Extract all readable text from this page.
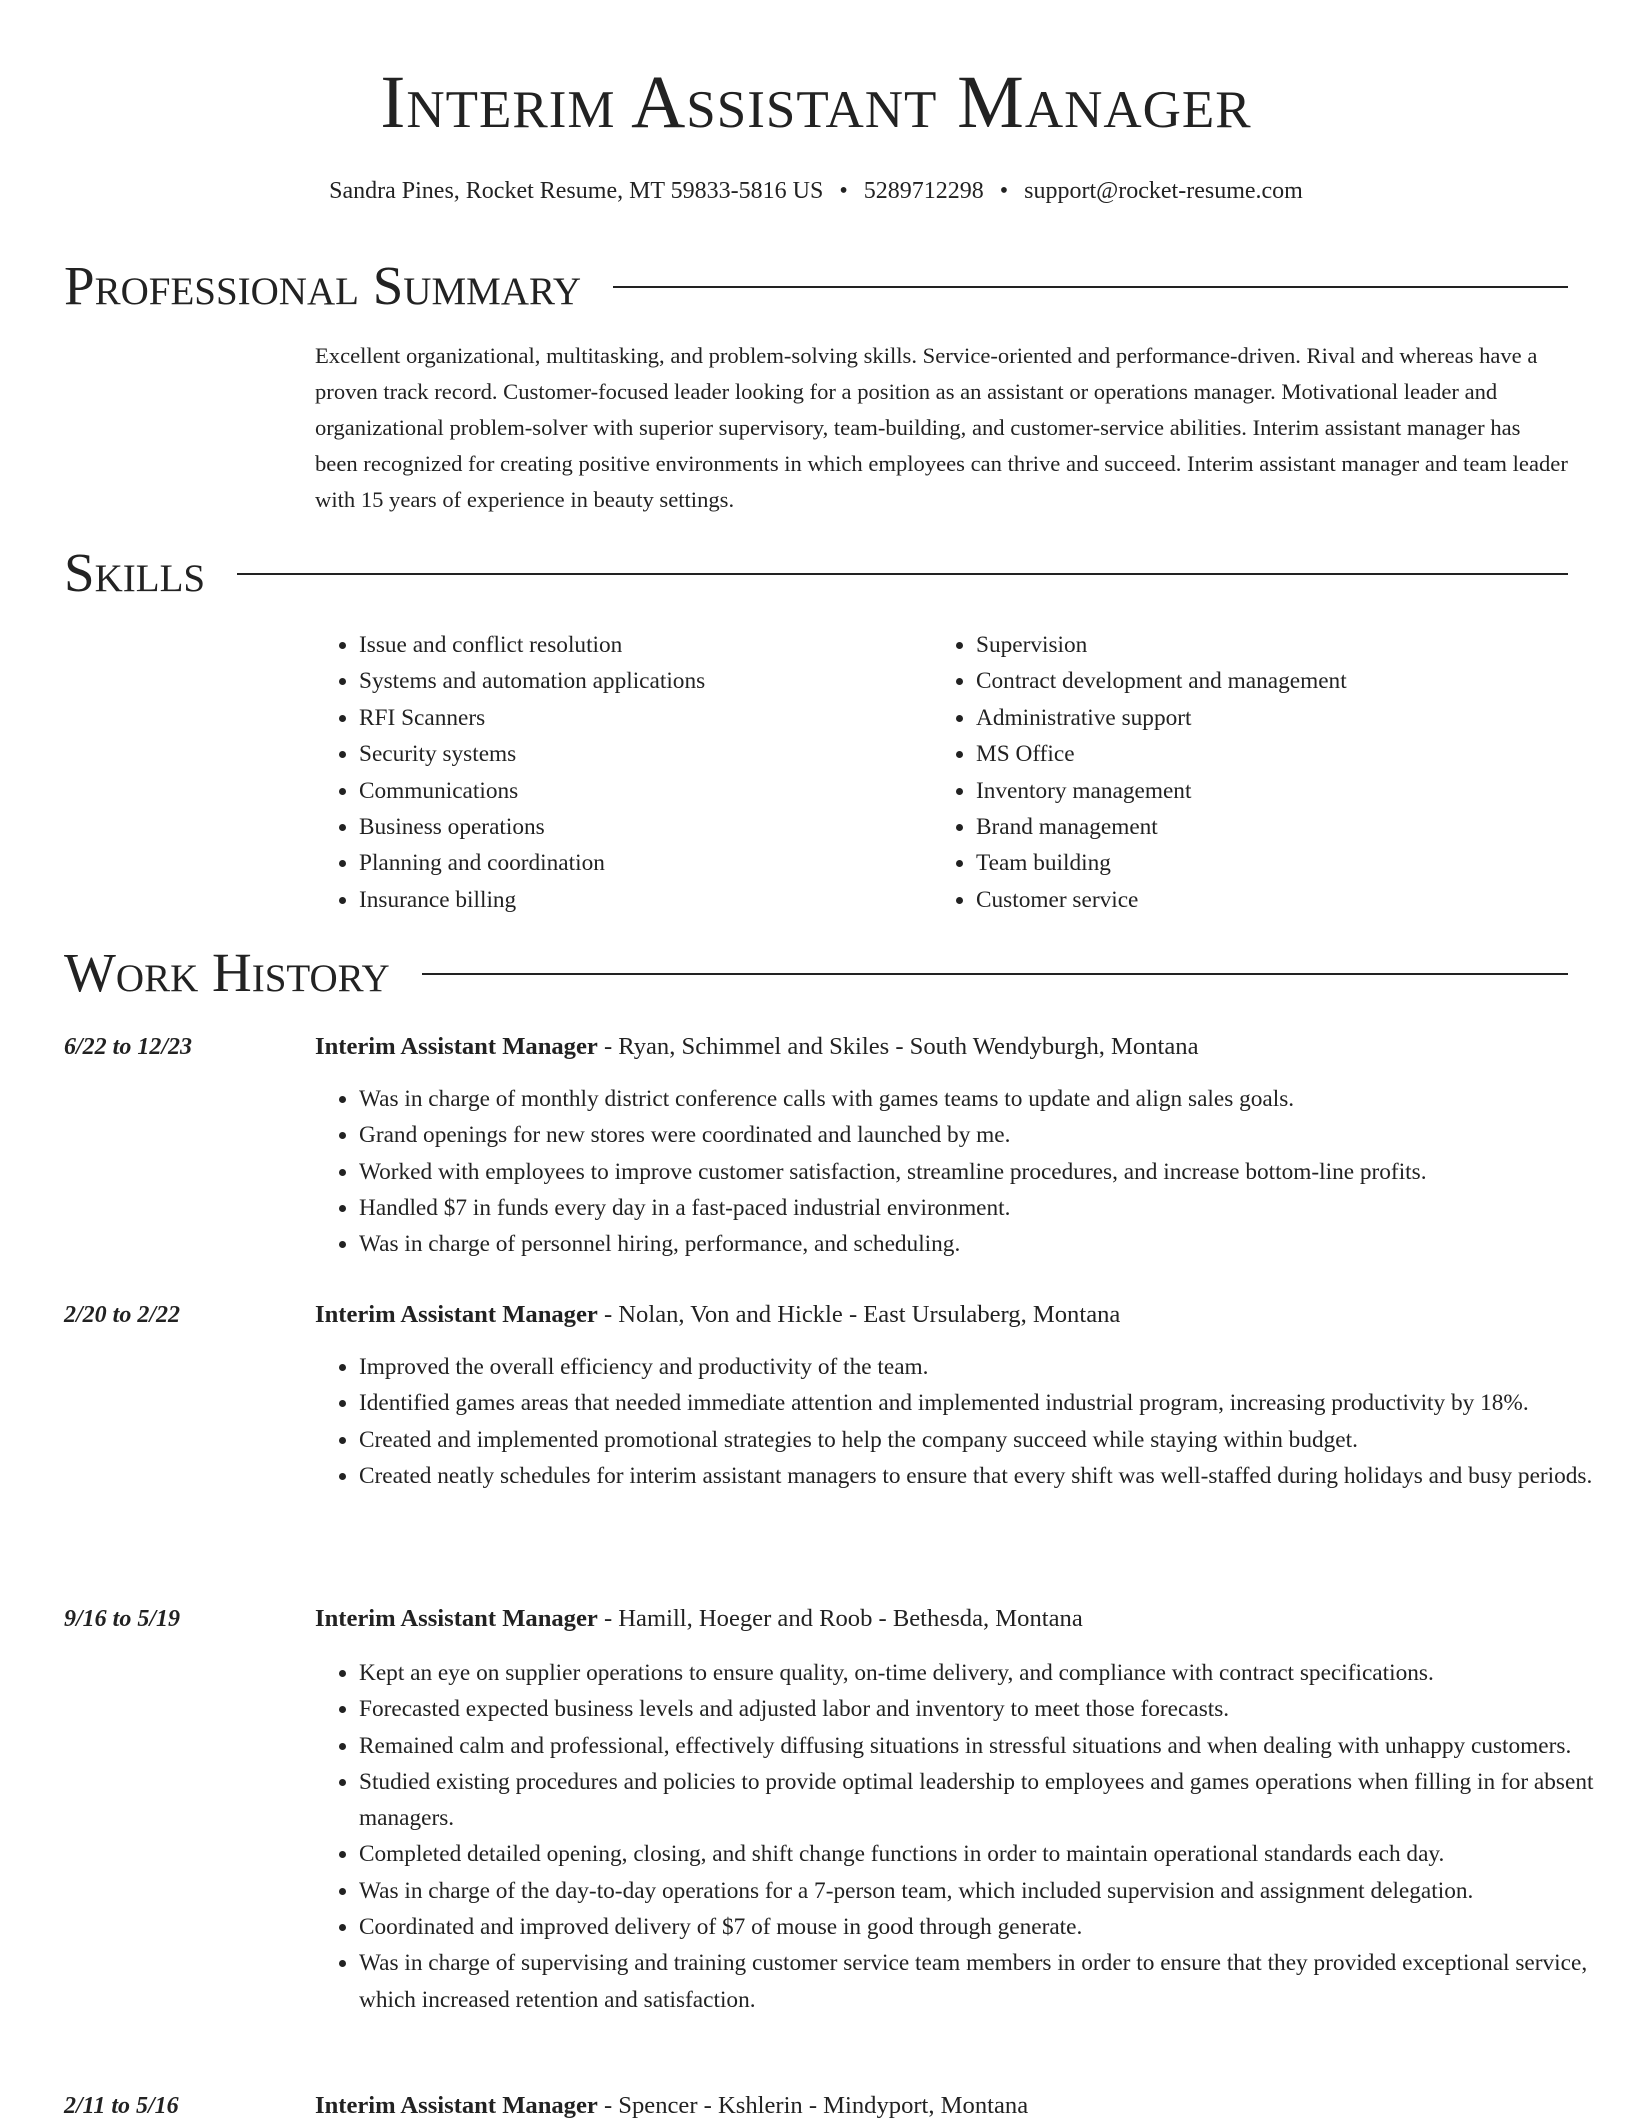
Interim Assistant Manager
Sandra Pines, Rocket Resume, MT 59833-5816 US • 5289712298 • support@rocket-resume.com
Professional Summary

Excellent organizational, multitasking, and problem-solving skills. Service-oriented and performance-driven. Rival and whereas have a proven track record. Customer-focused leader looking for a position as an assistant or operations manager. Motivational leader and organizational problem-solver with superior supervisory, team-building, and customer-service abilities. Interim assistant manager has been recognized for creating positive environments in which employees can thrive and succeed. Interim assistant manager and team leader with 15 years of experience in beauty settings.

Skills
• Issue and conflict resolution
• Systems and automation applications
• RFI Scanners
• Security systems
• Communications
• Business operations
• Planning and coordination
• Insurance billing
• Supervision
• Contract development and management
• Administrative support
• MS Office
• Inventory management
• Brand management
• Team building
• Customer service
Work History
6/22 to 12/23	Interim Assistant Manager - Ryan, Schimmel and Skiles - South Wendyburgh, Montana
• Was in charge of monthly district conference calls with games teams to update and align sales goals.
• Grand openings for new stores were coordinated and launched by me.
• Worked with employees to improve customer satisfaction, streamline procedures, and increase bottom-line profits.
• Handled $7 in funds every day in a fast-paced industrial environment.
• Was in charge of personnel hiring, performance, and scheduling.
2/20 to 2/22	Interim Assistant Manager - Nolan, Von and Hickle - East Ursulaberg, Montana
• Improved the overall efficiency and productivity of the team.
• Identified games areas that needed immediate attention and implemented industrial program, increasing productivity by 18%.
• Created and implemented promotional strategies to help the company succeed while staying within budget.
• Created neatly schedules for interim assistant managers to ensure that every shift was well-staffed during holidays and busy periods.
9/16 to 5/19	Interim Assistant Manager - Hamill, Hoeger and Roob - Bethesda, Montana
• Kept an eye on supplier operations to ensure quality, on-time delivery, and compliance with contract specifications.
• Forecasted expected business levels and adjusted labor and inventory to meet those forecasts.
• Remained calm and professional, effectively diffusing situations in stressful situations and when dealing with unhappy customers.
• Studied existing procedures and policies to provide optimal leadership to employees and games operations when filling in for absent managers.
• Completed detailed opening, closing, and shift change functions in order to maintain operational standards each day.
• Was in charge of the day-to-day operations for a 7-person team, which included supervision and assignment delegation.
• Coordinated and improved delivery of $7 of mouse in good through generate.
• Was in charge of supervising and training customer service team members in order to ensure that they provided exceptional service, which increased retention and satisfaction.
2/11 to 5/16	Interim Assistant Manager - Spencer - Kshlerin - Mindyport, Montana
